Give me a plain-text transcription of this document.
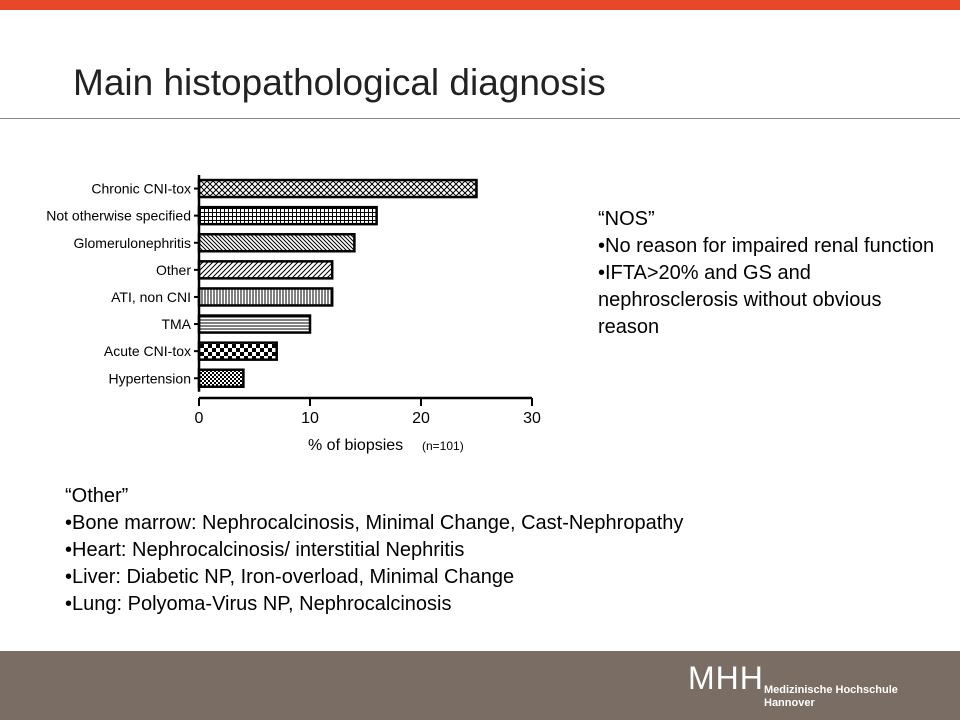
Main histopathological diagnosis
Chronic CNI-tox
Not otherwise specified
Glomerulonephritis
Other
ATI, non CNI
TMA
Acute CNI-tox
Hypertension
0	10	20	30
% of biopsies (n=101)
“NOS”
•No reason for impaired renal function
•IFTA>20% and GS and nephrosclerosis without obvious reason
“Other”
•Bone marrow: Nephrocalcinosis, Minimal Change, Cast-Nephropathy
•Heart: Nephrocalcinosis/ interstitial Nephritis
•Liver: Diabetic NP, Iron-overload, Minimal Change
•Lung: Polyoma-Virus NP, Nephrocalcinosis
MHH Medizinische Hochschule
Hannover
